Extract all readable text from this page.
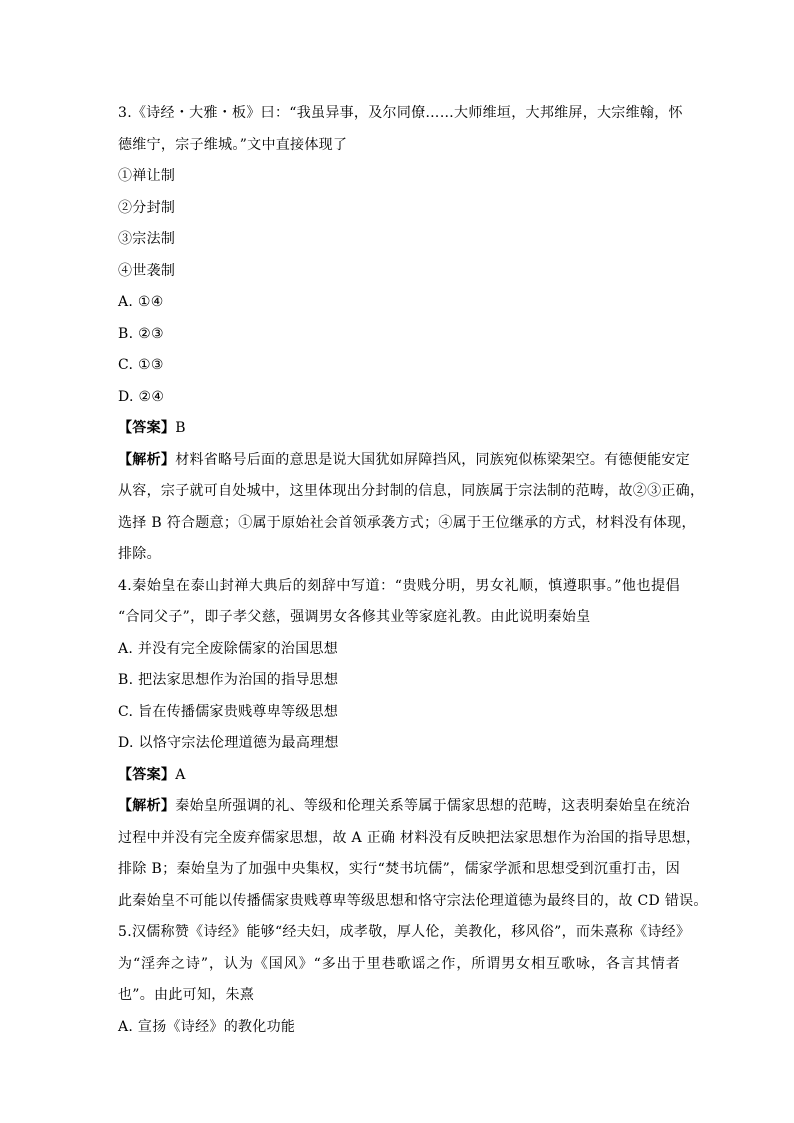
3.《诗经・大雅・板》曰：“我虽异事，及尔同僚……大师维垣，大邦维屏，大宗维翰，怀
德维宁，宗子维城。”文中直接体现了
①禅让制
②分封制
③宗法制
④世袭制
A. ①④
B. ②③
C. ①③
D. ②④
【答案】B
【解析】材料省略号后面的意思是说大国犹如屏障挡风，同族宛似栋梁架空。有德便能安定
从容，宗子就可自处城中，这里体现出分封制的信息，同族属于宗法制的范畴，故②③正确，
选择 B 符合题意；①属于原始社会首领承袭方式；④属于王位继承的方式，材料没有体现，
排除。
4.秦始皇在泰山封禅大典后的刻辞中写道：“贵贱分明，男女礼顺，慎遵职事。”他也提倡
“合同父子”，即子孝父慈，强调男女各修其业等家庭礼教。由此说明秦始皇
A. 并没有完全废除儒家的治国思想
B. 把法家思想作为治国的指导思想
C. 旨在传播儒家贵贱尊卑等级思想
D. 以恪守宗法伦理道德为最高理想
【答案】A
【解析】秦始皇所强调的礼、等级和伦理关系等属于儒家思想的范畴，这表明秦始皇在统治
过程中并没有完全废弃儒家思想，故 A 正确 材料没有反映把法家思想作为治国的指导思想，
排除 B；秦始皇为了加强中央集权，实行“焚书坑儒”，儒家学派和思想受到沉重打击，因
此秦始皇不可能以传播儒家贵贱尊卑等级思想和恪守宗法伦理道德为最终目的，故 CD 错误。
5.汉儒称赞《诗经》能够“经夫妇，成孝敬，厚人伦，美教化，移风俗”，而朱熹称《诗经》
为“淫奔之诗”，认为《国风》“多出于里巷歌谣之作，所谓男女相互歌咏，各言其情者
也”。由此可知，朱熹
A. 宣扬《诗经》的教化功能
